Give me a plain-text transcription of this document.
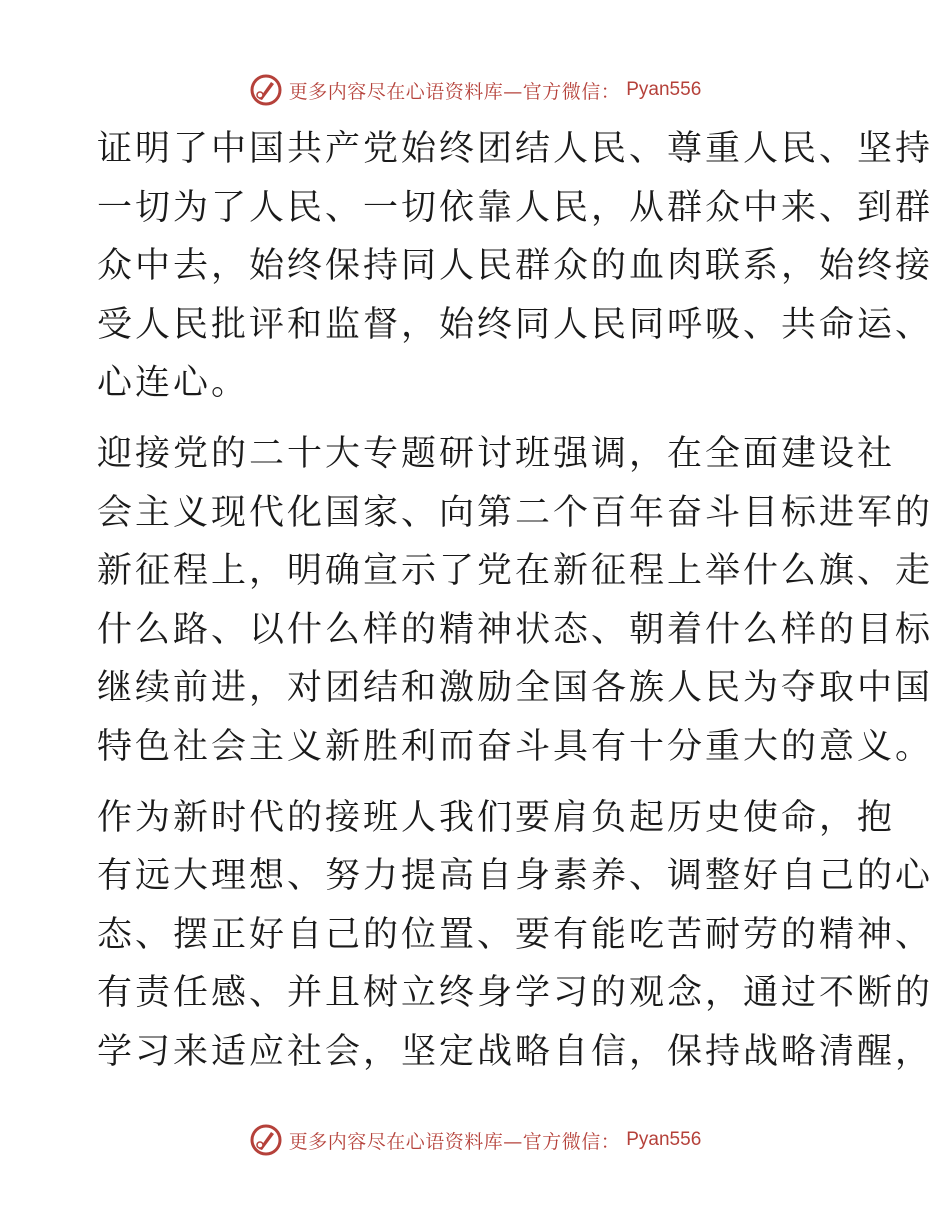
更多内容尽在心语资料库—官方微信： Pyan556
证明了中国共产党始终团结人民、尊重人民、坚持
一切为了人民、一切依靠人民，从群众中来、到群
众中去，始终保持同人民群众的血肉联系，始终接
受人民批评和监督，始终同人民同呼吸、共命运、
心连心。
迎接党的二十大专题研讨班强调，在全面建设社
会主义现代化国家、向第二个百年奋斗目标进军的
新征程上，明确宣示了党在新征程上举什么旗、走
什么路、以什么样的精神状态、朝着什么样的目标
继续前进，对团结和激励全国各族人民为夺取中国
特色社会主义新胜利而奋斗具有十分重大的意义。
作为新时代的接班人我们要肩负起历史使命，抱
有远大理想、努力提高自身素养、调整好自己的心
态、摆正好自己的位置、要有能吃苦耐劳的精神、
有责任感、并且树立终身学习的观念，通过不断的
学习来适应社会，坚定战略自信，保持战略清醒，
更多内容尽在心语资料库—官方微信： Pyan556
